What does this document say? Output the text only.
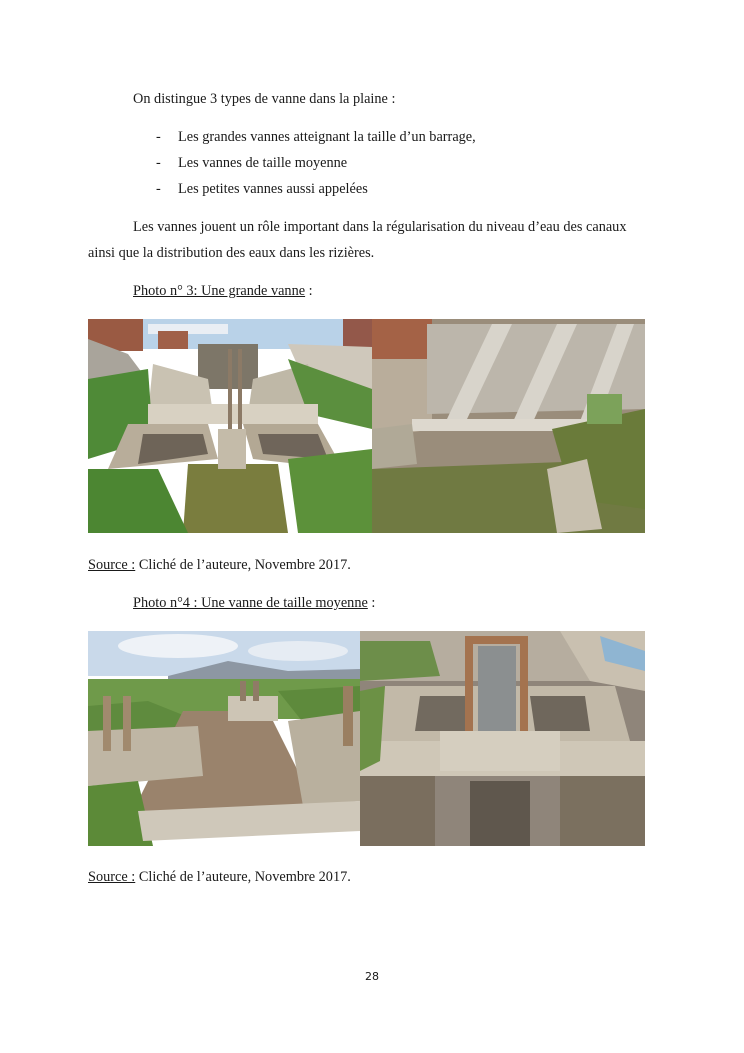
On distingue 3 types de vanne dans la plaine :
- Les grandes vannes atteignant la taille d’un barrage,
- Les vannes de taille moyenne
- Les petites vannes aussi appelées
Les vannes jouent un rôle important dans la régularisation du niveau d’eau des canaux
ainsi que la distribution des eaux dans les rizières.
Photo n° 3: Une grande vanne :
Source : Cliché de l’auteure, Novembre 2017.
Photo n°4 : Une vanne de taille moyenne :
Source : Cliché de l’auteure, Novembre 2017.
28
